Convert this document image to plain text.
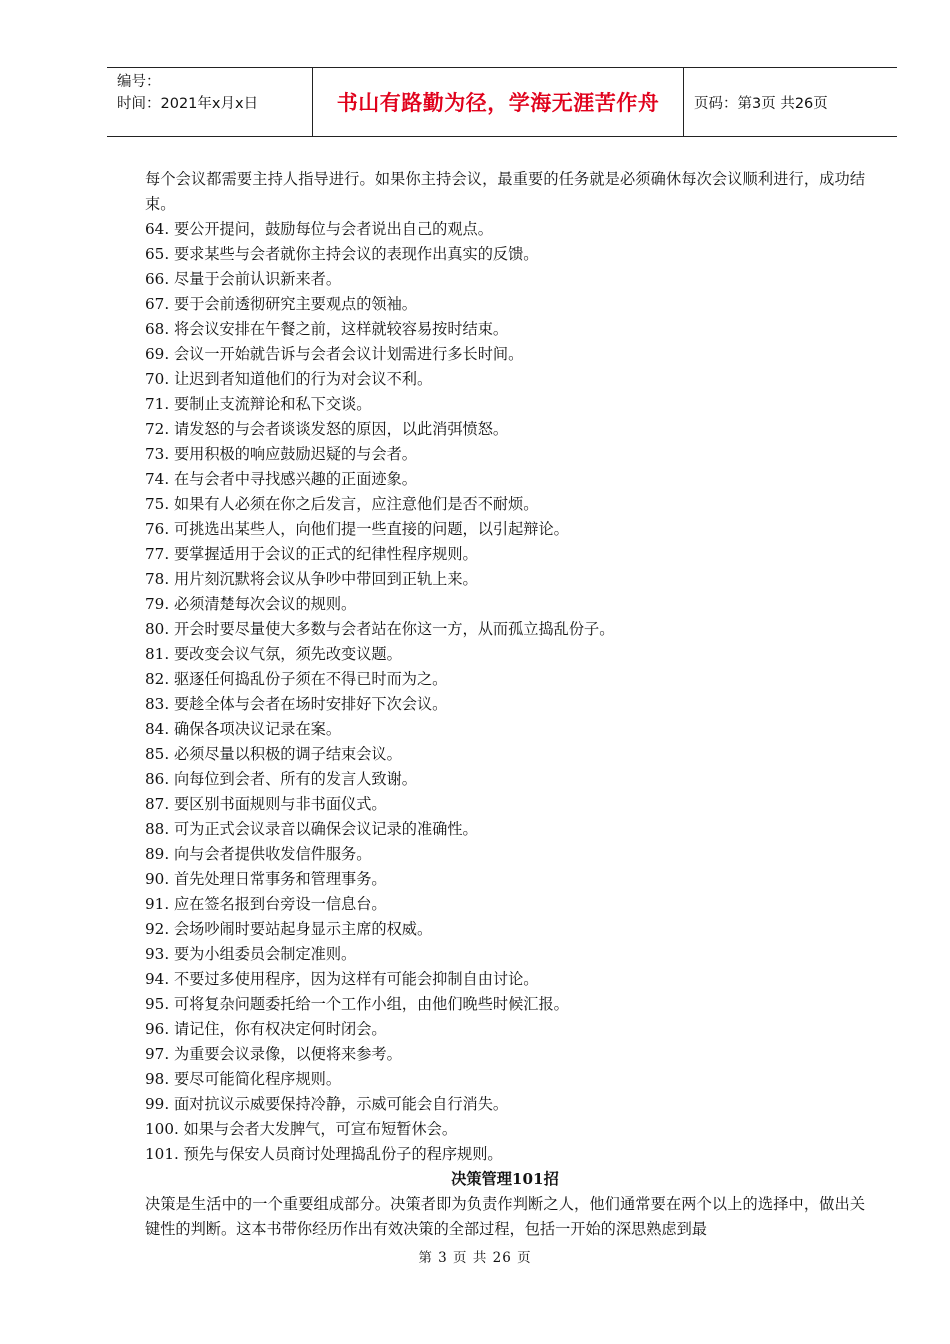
编号：
时间：2021年x月x日	书山有路勤为径，学海无涯苦作舟 页码：第3页 共26页

每个会议都需要主持人指导进行。如果你主持会议，最重要的任务就是必须确休每次会议顺利进行，成功结束。

64. 要公开提问，鼓励每位与会者说出自己的观点。
65. 要求某些与会者就你主持会议的表现作出真实的反馈。
66. 尽量于会前认识新来者。
67. 要于会前透彻研究主要观点的领袖。
68. 将会议安排在午餐之前，这样就较容易按时结束。
69. 会议一开始就告诉与会者会议计划需进行多长时间。
70. 让迟到者知道他们的行为对会议不利。
71. 要制止支流辩论和私下交谈。
72. 请发怒的与会者谈谈发怒的原因，以此消弭愤怒。
73. 要用积极的响应鼓励迟疑的与会者。
74. 在与会者中寻找感兴趣的正面迹象。
75. 如果有人必须在你之后发言，应注意他们是否不耐烦。
76. 可挑选出某些人，向他们提一些直接的问题，以引起辩论。
77. 要掌握适用于会议的正式的纪律性程序规则。
78. 用片刻沉默将会议从争吵中带回到正轨上来。
79. 必须清楚每次会议的规则。
80. 开会时要尽量使大多数与会者站在你这一方，从而孤立捣乱份子。
81. 要改变会议气氛，须先改变议题。
82. 驱逐任何捣乱份子须在不得已时而为之。
83. 要趁全体与会者在场时安排好下次会议。
84. 确保各项决议记录在案。
85. 必须尽量以积极的调子结束会议。
86. 向每位到会者、所有的发言人致谢。
87. 要区别书面规则与非书面仪式。
88. 可为正式会议录音以确保会议记录的准确性。
89. 向与会者提供收发信件服务。
90. 首先处理日常事务和管理事务。
91. 应在签名报到台旁设一信息台。
92. 会场吵闹时要站起身显示主席的权威。
93. 要为小组委员会制定准则。
94. 不要过多使用程序，因为这样有可能会抑制自由讨论。
95. 可将复杂问题委托给一个工作小组，由他们晚些时候汇报。
96. 请记住，你有权决定何时闭会。
97. 为重要会议录像，以便将来参考。
98. 要尽可能简化程序规则。
99. 面对抗议示威要保持冷静，示威可能会自行消失。
100. 如果与会者大发脾气，可宣布短暂休会。
101. 预先与保安人员商讨处理捣乱份子的程序规则。

决策管理101招

决策是生活中的一个重要组成部分。决策者即为负责作判断之人，他们通常要在两个以上的选择中，做出关键性的判断。这本书带你经历作出有效决策的全部过程，包括一开始的深思熟虑到最

第 3 页 共 26 页
